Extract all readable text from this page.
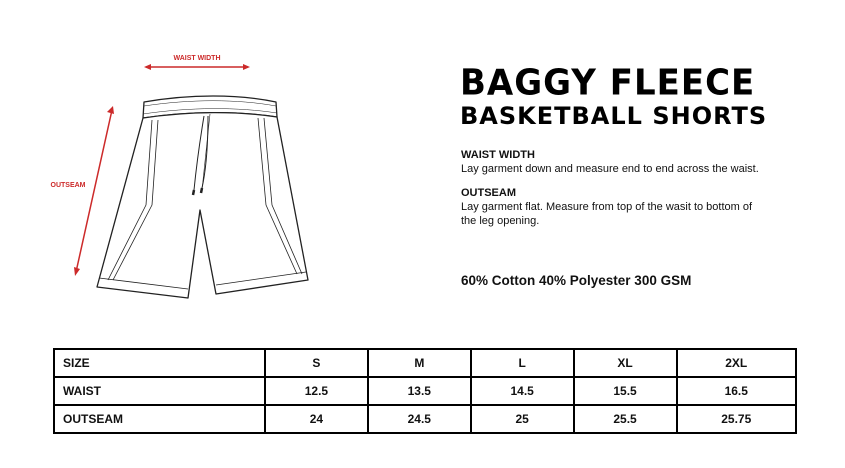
WAIST WIDTH
OUTSEAM
BAGGY FLEECE
BASKETBALL SHORTS
WAIST WIDTH
Lay garment down and measure end to end across the waist.
OUTSEAM
Lay garment flat. Measure from top of the wasit to bottom of the leg opening.
60% Cotton 40% Polyester 300 GSM
SIZE	S	M	L	XL	2XL
WAIST	12.5	13.5	14.5	15.5	16.5
OUTSEAM	24	24.5	25	25.5	25.75
